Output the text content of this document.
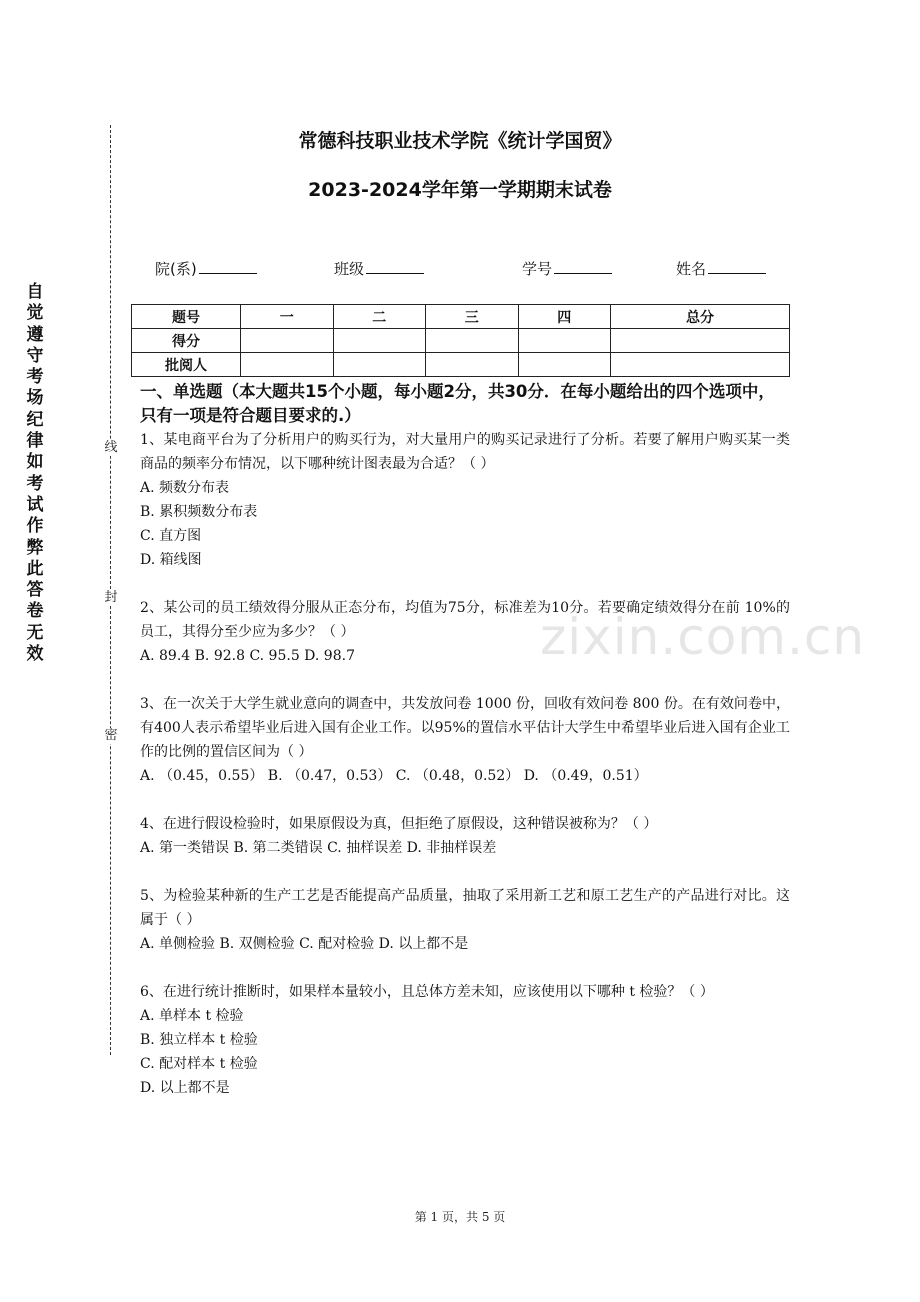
自觉遵守考场纪律如考试作弊此答卷无效
线
封
密
常德科技职业技术学院《统计学国贸》
2023-2024学年第一学期期末试卷
院(系)	班级	学号	姓名
题号	一	二	三	四	总分
得分					
批阅人					
一、单选题（本大题共15个小题，每小题2分，共30分．在每小题给出的四个选项中，只有一项是符合题目要求的.）
1、某电商平台为了分析用户的购买行为，对大量用户的购买记录进行了分析。若要了解用户购买某一类商品的频率分布情况，以下哪种统计图表最为合适？（ ）
A. 频数分布表
B. 累积频数分布表
C. 直方图
D. 箱线图
2、某公司的员工绩效得分服从正态分布，均值为75分，标准差为10分。若要确定绩效得分在前 10%的员工，其得分至少应为多少？（ ）
A. 89.4 B. 92.8 C. 95.5 D. 98.7
3、在一次关于大学生就业意向的调查中，共发放问卷 1000 份，回收有效问卷 800 份。在有效问卷中，有400人表示希望毕业后进入国有企业工作。以95%的置信水平估计大学生中希望毕业后进入国有企业工作的比例的置信区间为（ ）
A. （0.45，0.55） B. （0.47，0.53） C. （0.48，0.52） D. （0.49，0.51）
4、在进行假设检验时，如果原假设为真，但拒绝了原假设，这种错误被称为？（ ）
A. 第一类错误 B. 第二类错误 C. 抽样误差 D. 非抽样误差
5、为检验某种新的生产工艺是否能提高产品质量，抽取了采用新工艺和原工艺生产的产品进行对比。这属于（ ）
A. 单侧检验 B. 双侧检验 C. 配对检验 D. 以上都不是
6、在进行统计推断时，如果样本量较小，且总体方差未知，应该使用以下哪种 t 检验？（ ）
A. 单样本 t 检验
B. 独立样本 t 检验
C. 配对样本 t 检验
D. 以上都不是
zixin.com.cn
第 1 页，共 5 页
